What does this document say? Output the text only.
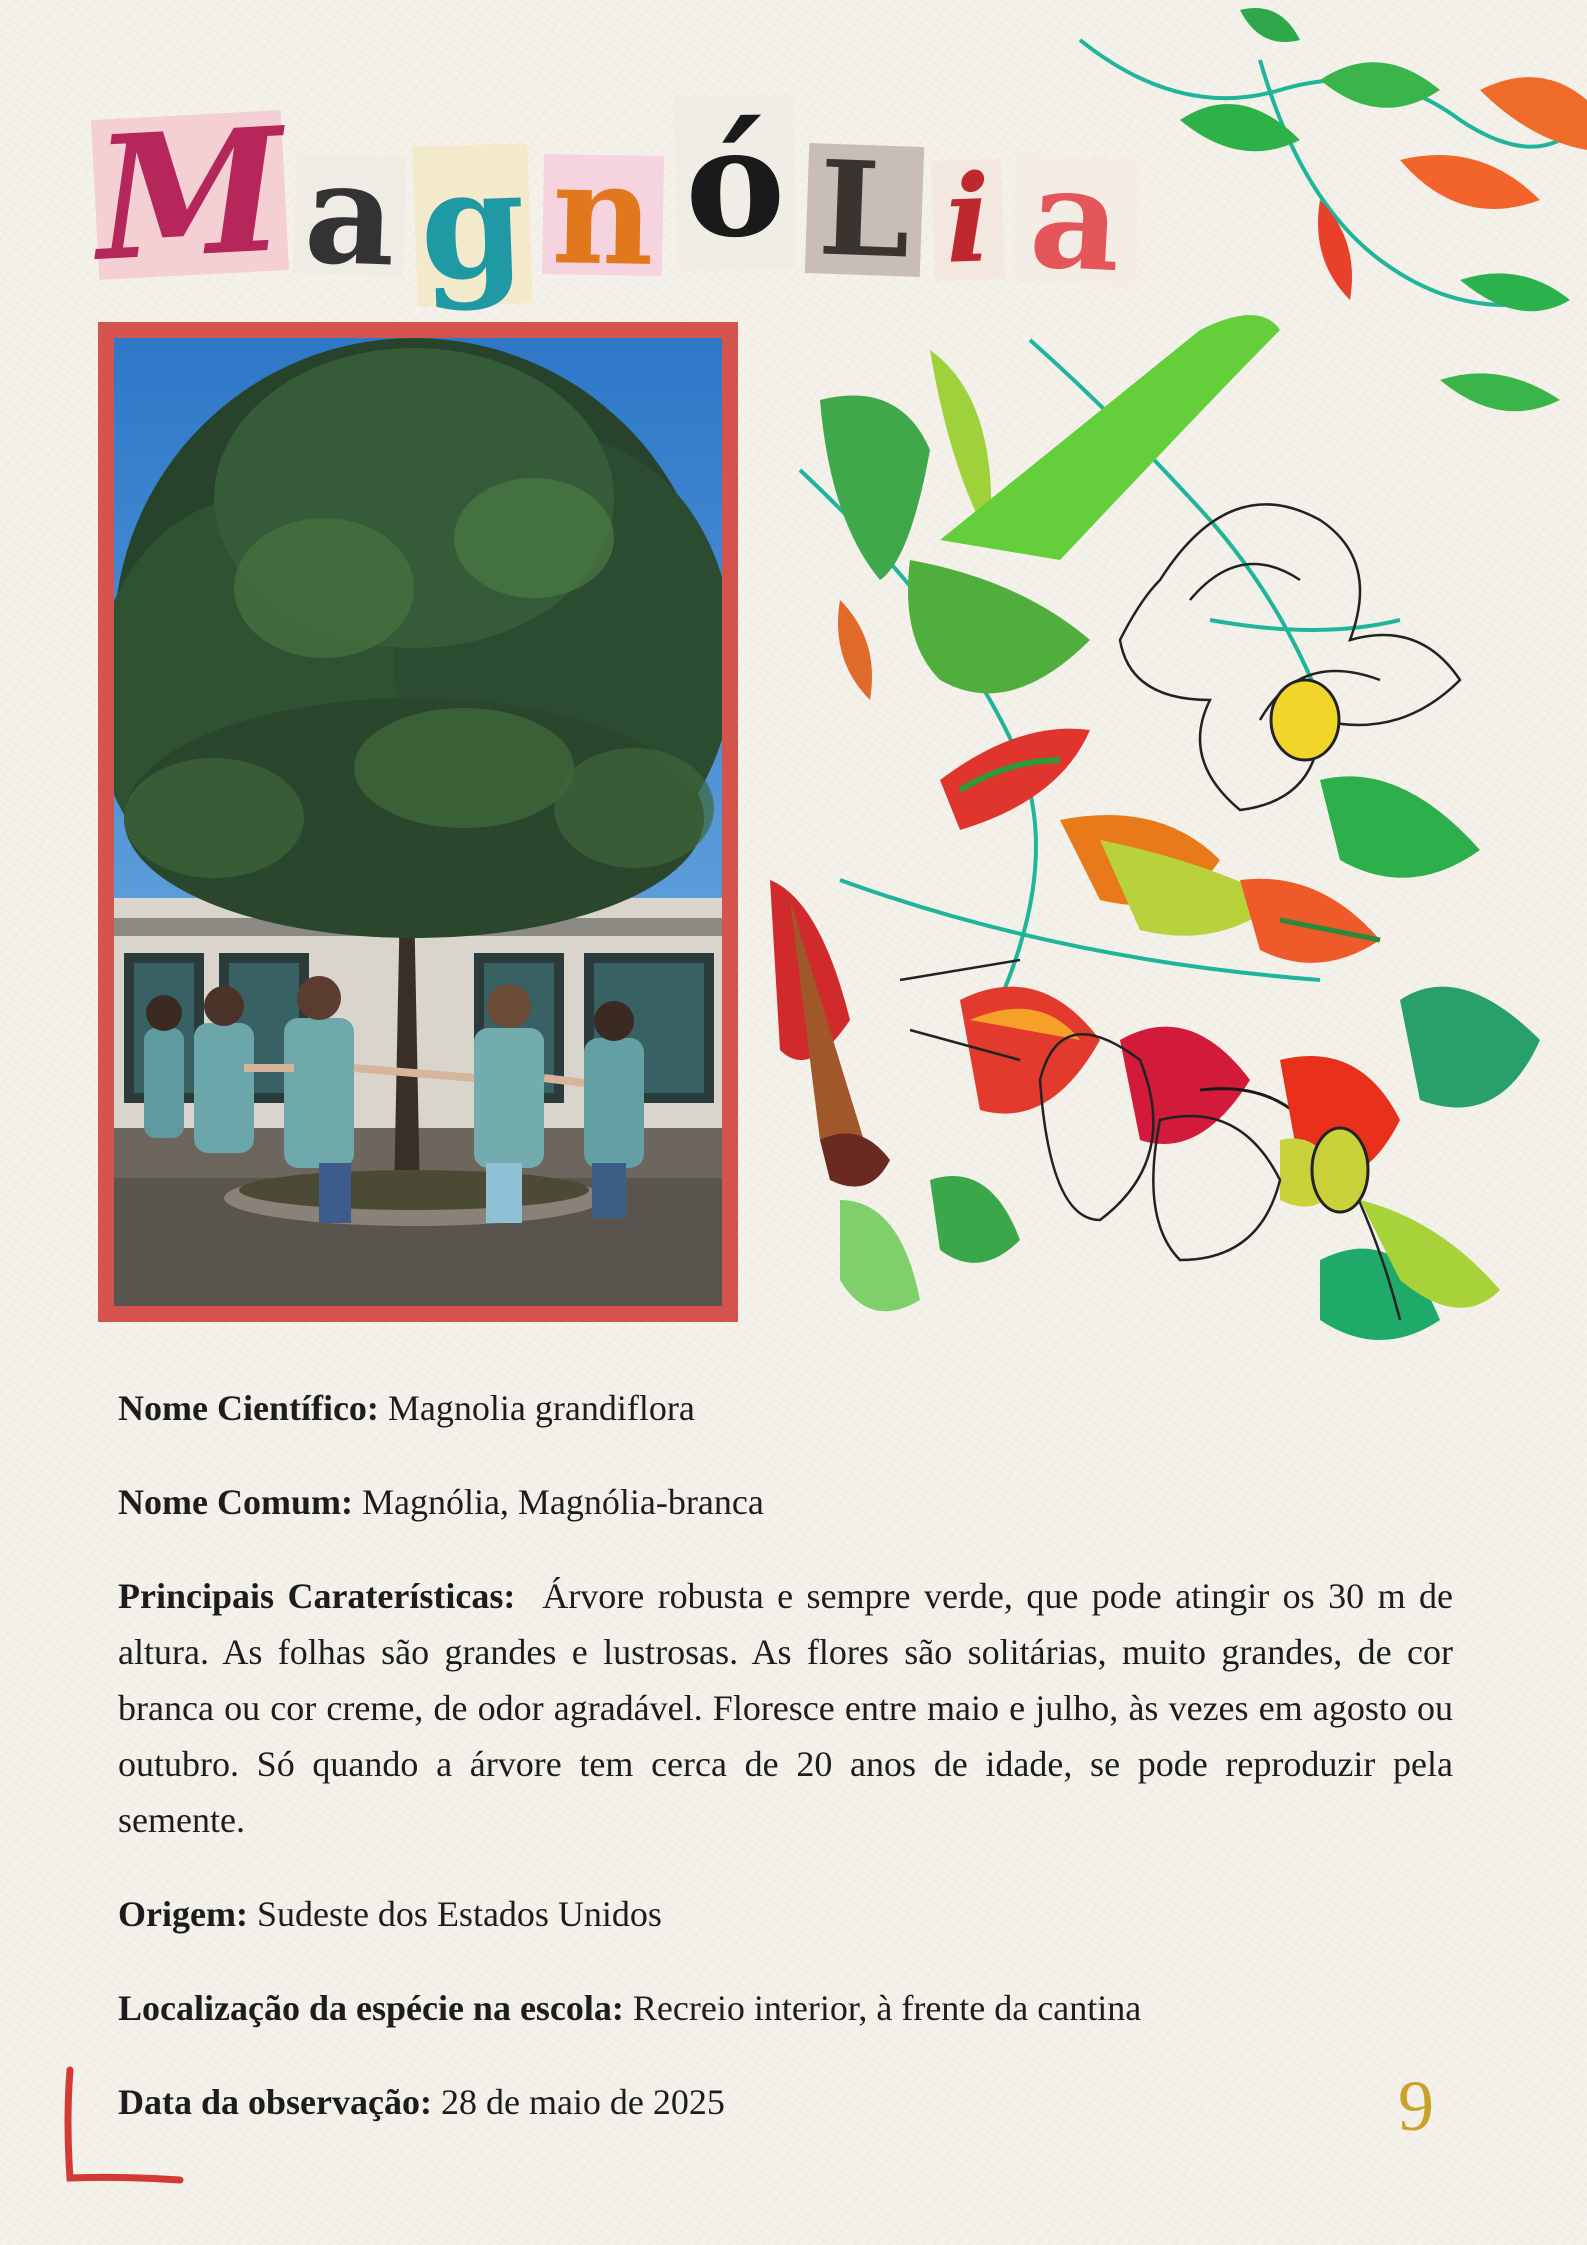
M a g n ó L i a

Nome Científico: Magnolia grandiflora

Nome Comum: Magnólia, Magnólia-branca

Principais Caraterísticas:  Árvore robusta e sempre verde, que pode atingir os 30 m de altura. As folhas são grandes e lustrosas. As flores são solitárias, muito grandes, de cor branca ou cor creme, de odor agradável. Floresce entre maio e julho, às vezes em agosto ou outubro. Só quando a árvore tem cerca de 20 anos de idade, se pode reproduzir pela semente.

Origem: Sudeste dos Estados Unidos

Localização da espécie na escola: Recreio interior, à frente da cantina

Data da observação: 28 de maio de 2025	9
